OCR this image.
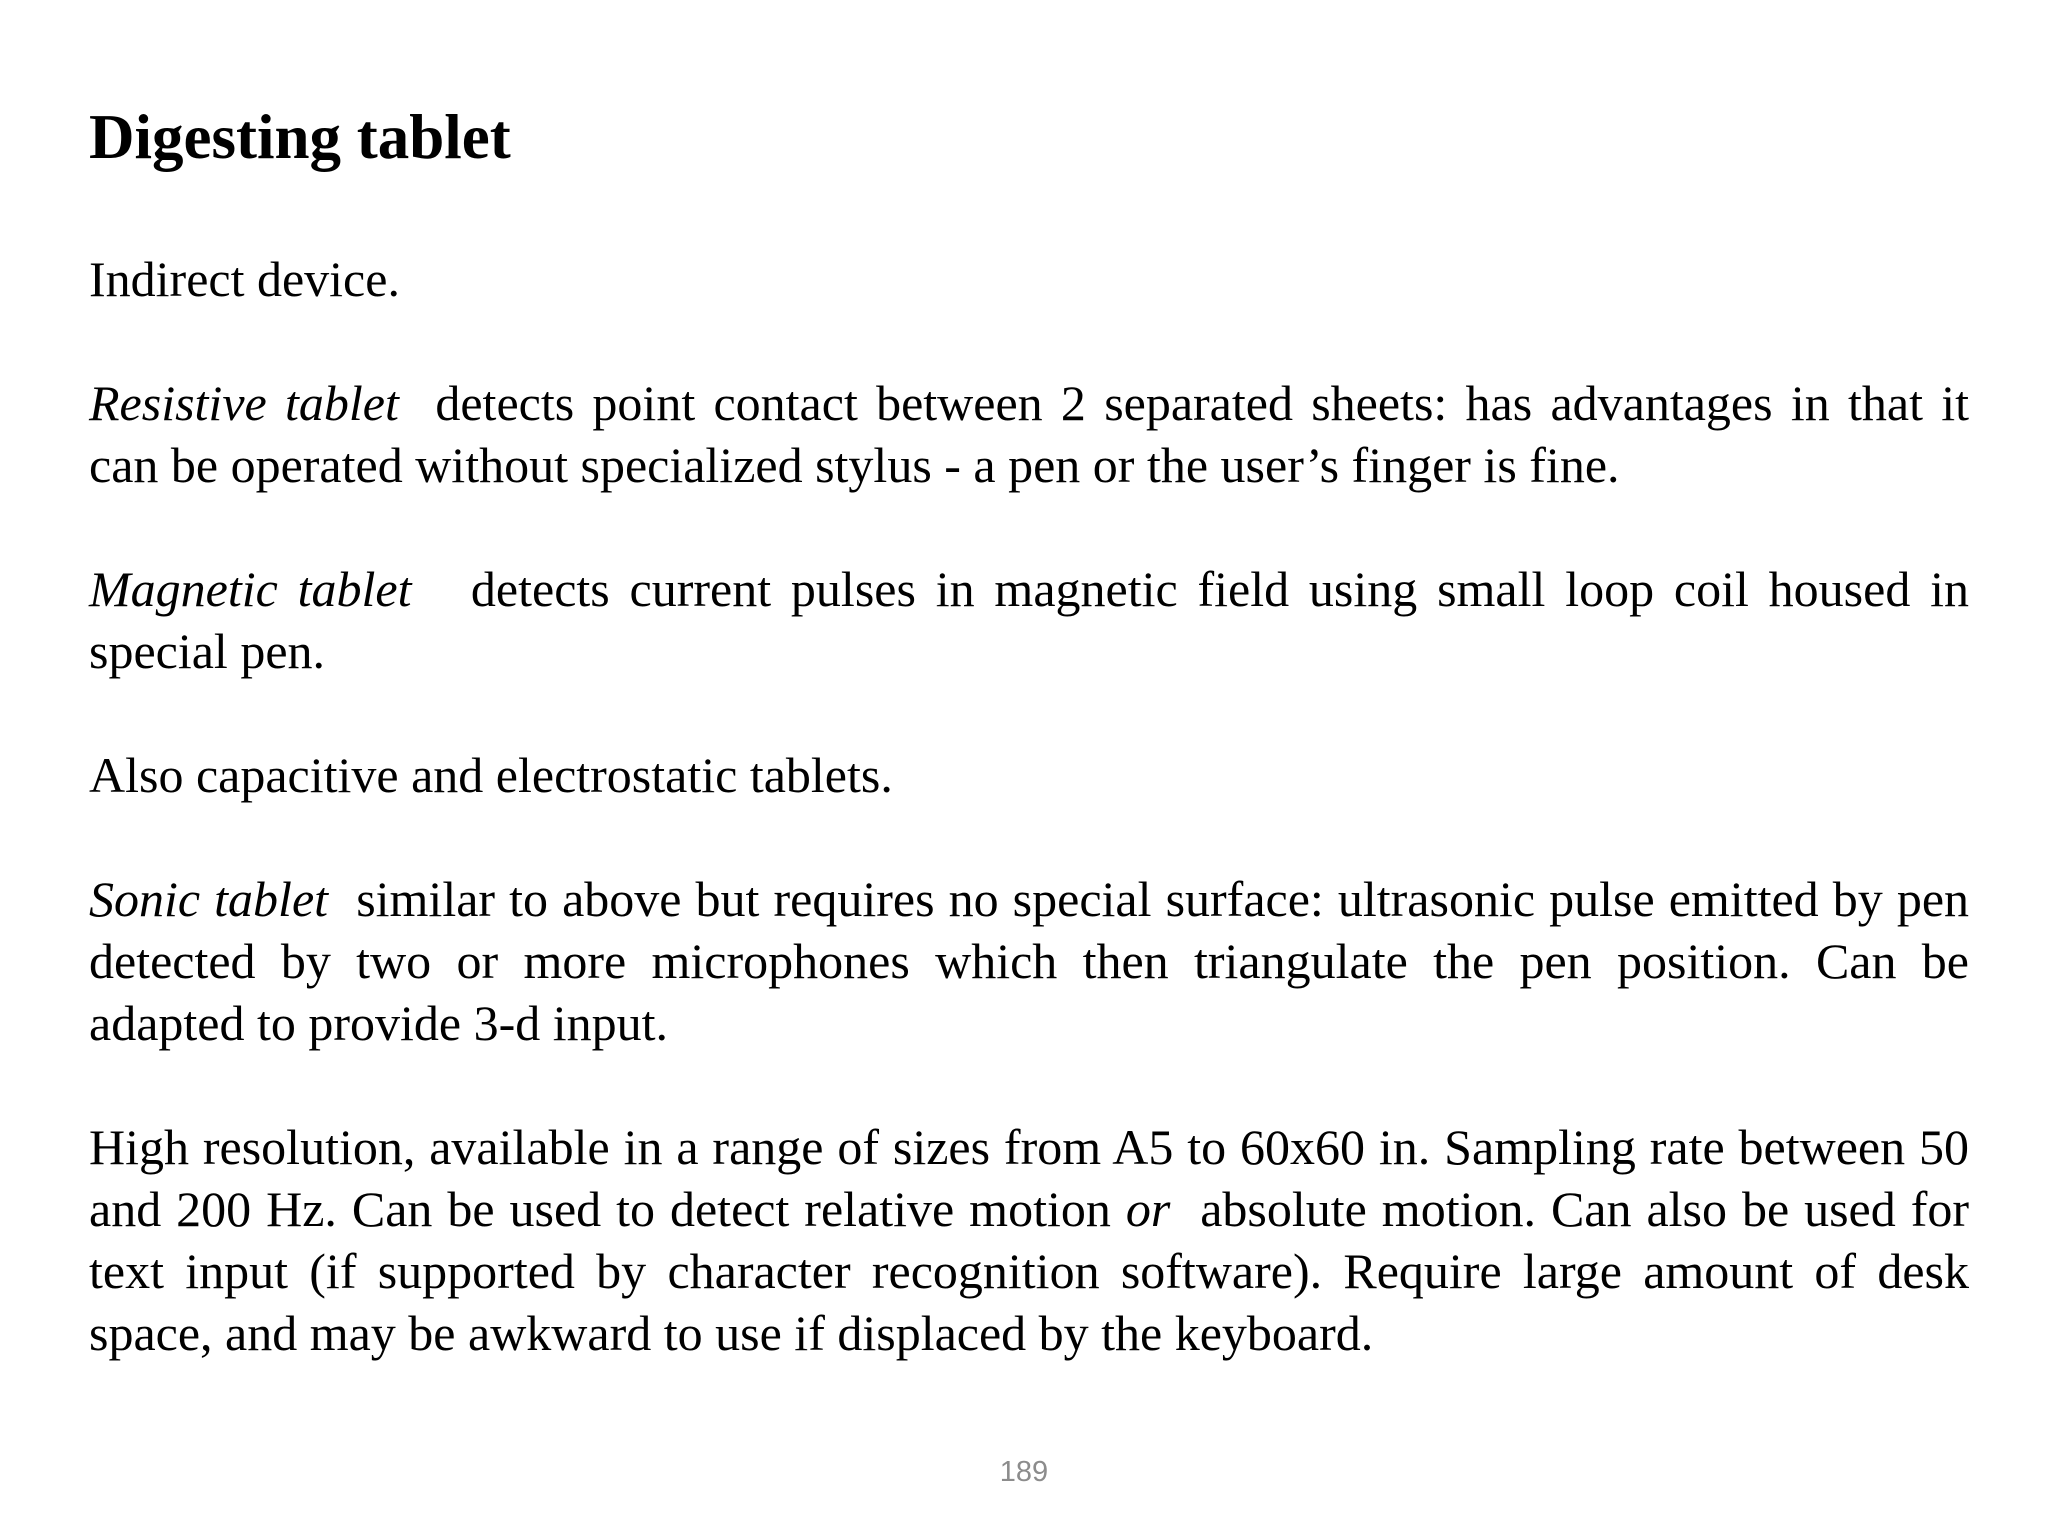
Digesting tablet

Indirect device.

Resistive tablet detects point contact between 2 separated sheets: has advantages in that it can be operated without specialized stylus - a pen or the user’s finger is fine.

Magnetic tablet detects current pulses in magnetic field using small loop coil housed in special pen.

Also capacitive and electrostatic tablets.

Sonic tablet similar to above but requires no special surface: ultrasonic pulse emitted by pen detected by two or more microphones which then triangulate the pen position. Can be adapted to provide 3-d input.

High resolution, available in a range of sizes from A5 to 60x60 in. Sampling rate between 50 and 200 Hz. Can be used to detect relative motion or absolute motion. Can also be used for text input (if supported by character recognition software). Require large amount of desk space, and may be awkward to use if displaced by the keyboard.

189
